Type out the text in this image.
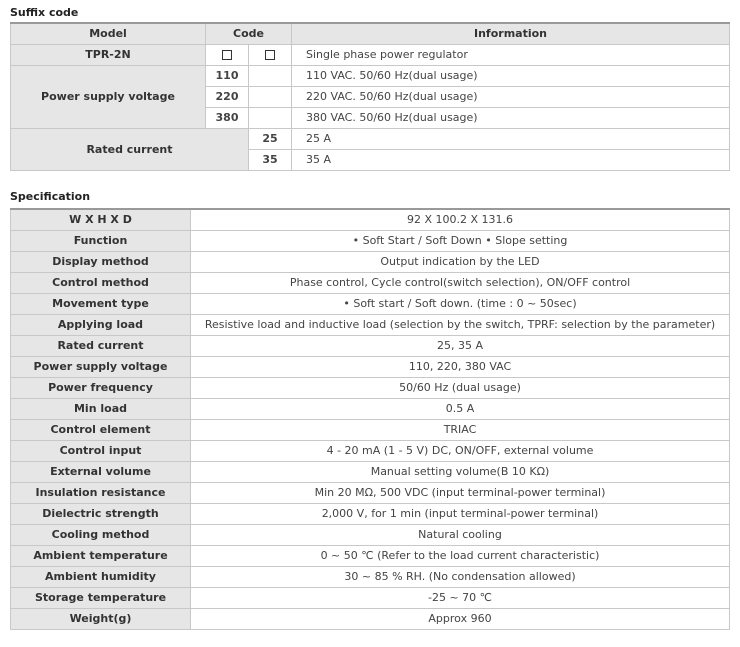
Suffix code
Model	Code		Information
TPR-2N			Single phase power regulator
Power supply voltage	110		110 VAC. 50/60 Hz(dual usage)
	220		220 VAC. 50/60 Hz(dual usage)
	380		380 VAC. 50/60 Hz(dual usage)
Rated current		25	25 A
		35	35 A
Specification
W X H X D	92 X 100.2 X 131.6
Function	• Soft Start / Soft Down • Slope setting
Display method	Output indication by the LED
Control method	Phase control, Cycle control(switch selection), ON/OFF control
Movement type	• Soft start / Soft down. (time : 0 ~ 50sec)
Applying load	Resistive load and inductive load (selection by the switch, TPRF: selection by the parameter)
Rated current	25, 35 A
Power supply voltage	110, 220, 380 VAC
Power frequency	50/60 Hz (dual usage)
Min load	0.5 A
Control element	TRIAC
Control input	4 - 20 mA (1 - 5 V) DC, ON/OFF, external volume
External volume	Manual setting volume(B 10 KΩ)
Insulation resistance	Min 20 MΩ, 500 VDC (input terminal-power terminal)
Dielectric strength	2,000 V, for 1 min (input terminal-power terminal)
Cooling method	Natural cooling
Ambient temperature	0 ~ 50 ℃ (Refer to the load current characteristic)
Ambient humidity	30 ~ 85 % RH. (No condensation allowed)
Storage temperature	-25 ~ 70 ℃
Weight(g)	Approx 960
